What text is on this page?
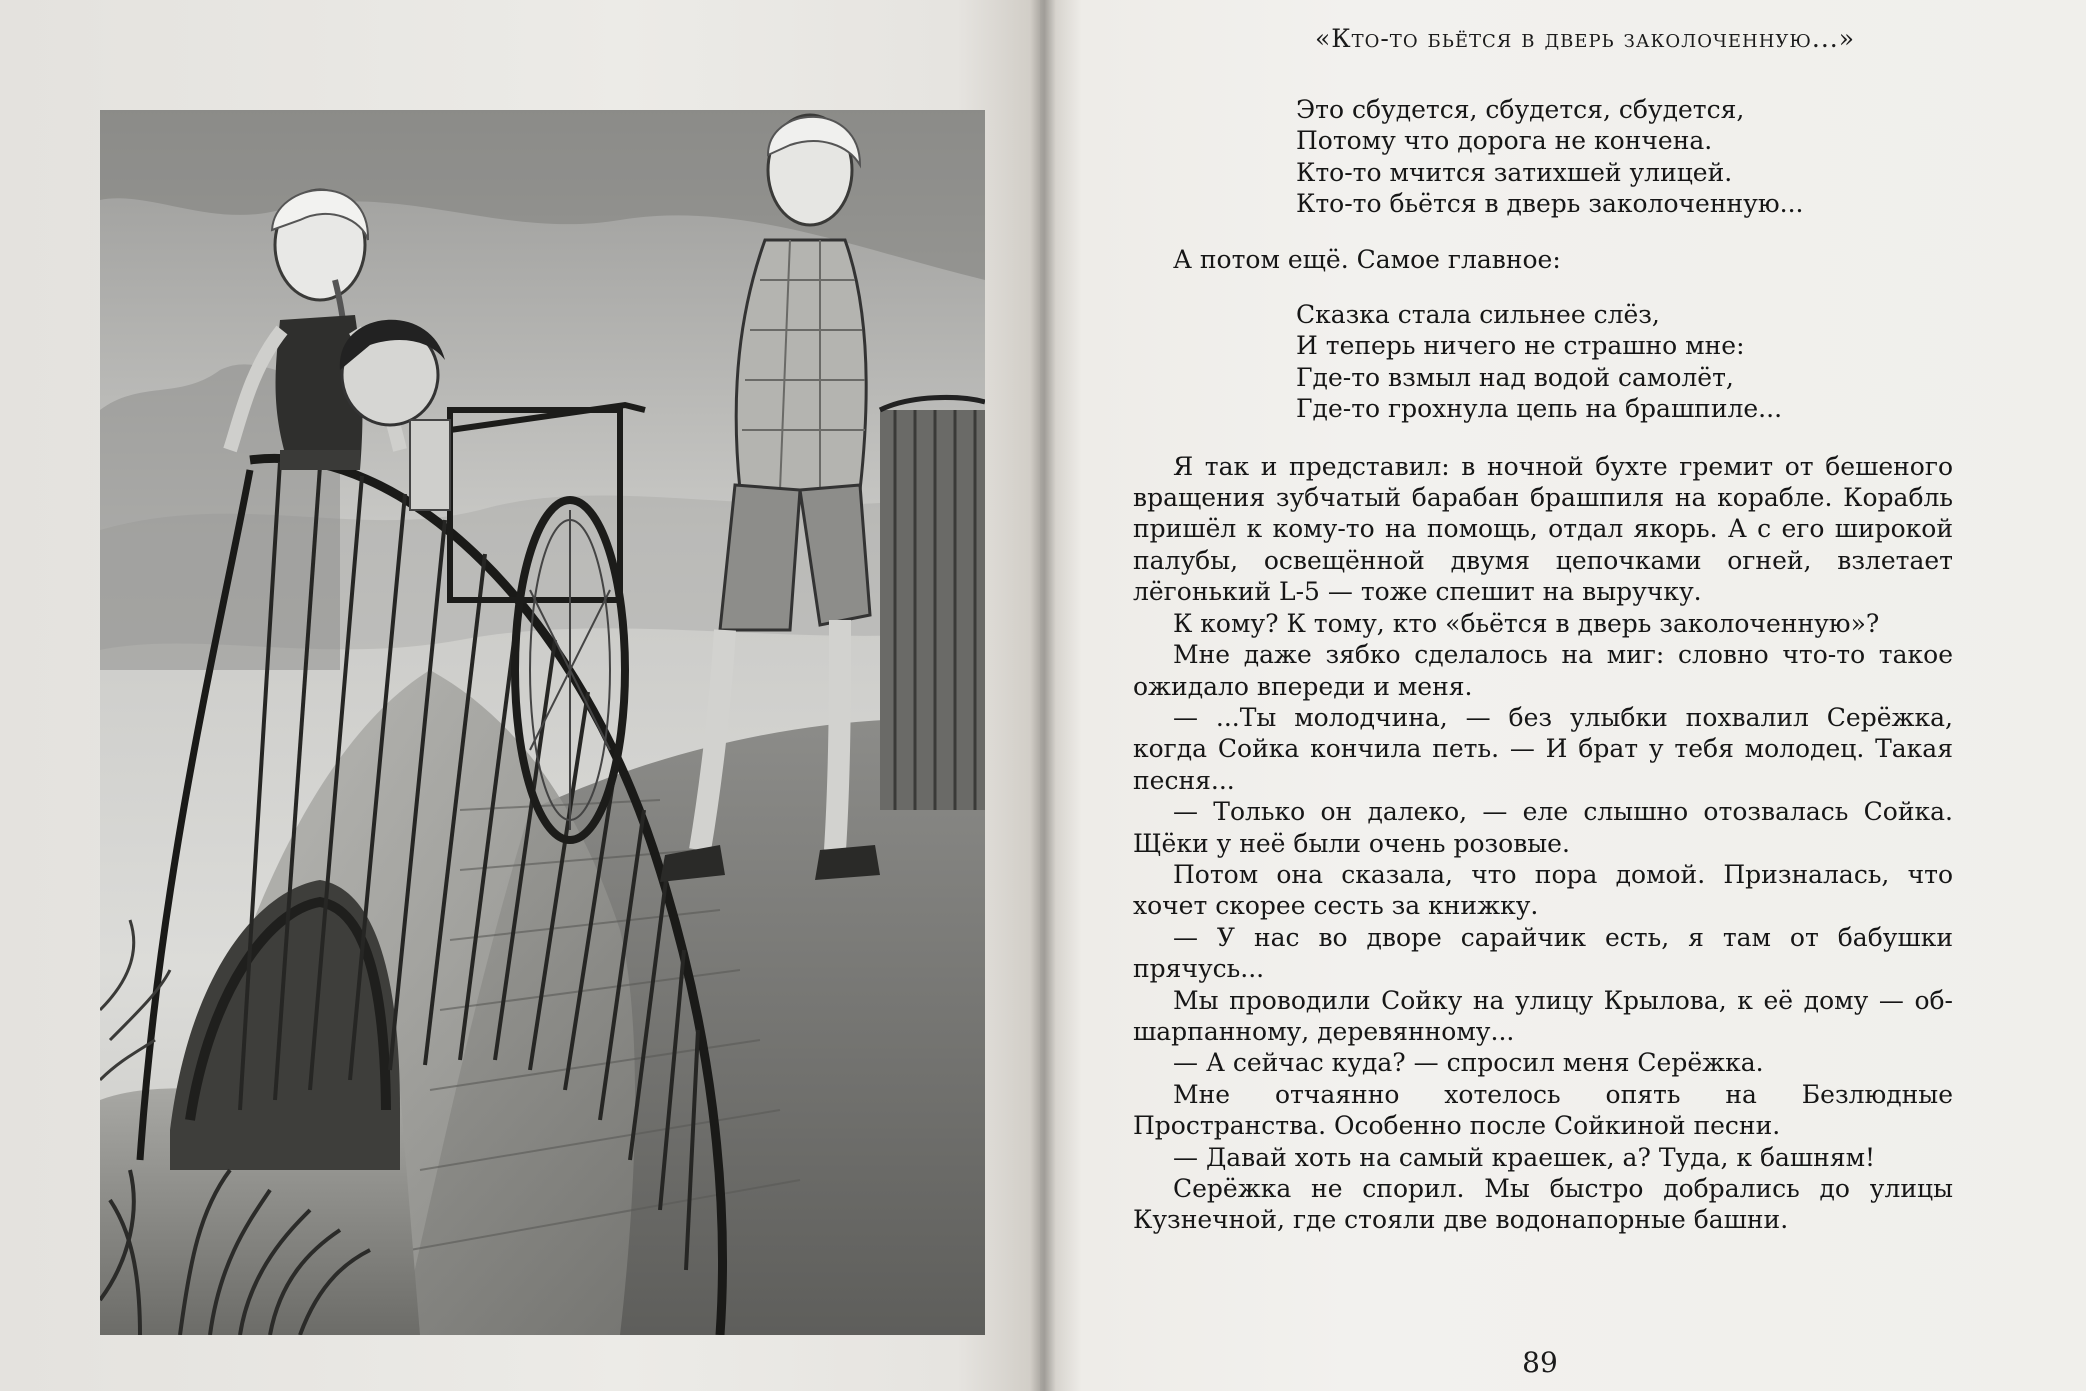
«Кто-то бьётся в дверь заколоченную...»
Это сбудется, сбудется, сбудется,
Потому что дорога не кончена.
Кто-то мчится затихшей улицей.
Кто-то бьётся в дверь заколоченную...

А потом ещё. Самое главное:

Сказка стала сильнее слёз,
И теперь ничего не страшно мне:
Где-то взмыл над водой самолёт,
Где-то грохнула цепь на брашпиле...

Я так и представил: в ночной бухте гремит от бешеного вращения зубчатый барабан брашпиля на корабле. Корабль пришёл к кому-то на помощь, отдал якорь. А с его широкой палубы, освещённой двумя цепочками огней, взлетает лёгонький L-5 — тоже спешит на выручку.

К кому? К тому, кто «бьётся в дверь заколоченную»?

Мне даже зябко сделалось на миг: словно что-то такое ожидало впереди и меня.

— ...Ты молодчина, — без улыбки похвалил Серёжка, когда Сойка кончила петь. — И брат у тебя молодец. Такая песня...

— Только он далеко, — еле слышно отозвалась Сойка. Щёки у неё были очень розовые.

Потом она сказала, что пора домой. Призналась, что хочет скорее сесть за книжку.

— У нас во дворе сарайчик есть, я там от бабушки прячусь...

Мы проводили Сойку на улицу Крылова, к её дому — обшарпанному, деревянному...

— А сейчас куда? — спросил меня Серёжка.

Мне отчаянно хотелось опять на Безлюдные Пространства. Особенно после Сойкиной песни.

— Давай хоть на самый краешек, а? Туда, к башням!

Серёжка не спорил. Мы быстро добрались до улицы Кузнечной, где стояли две водонапорные башни.

89
